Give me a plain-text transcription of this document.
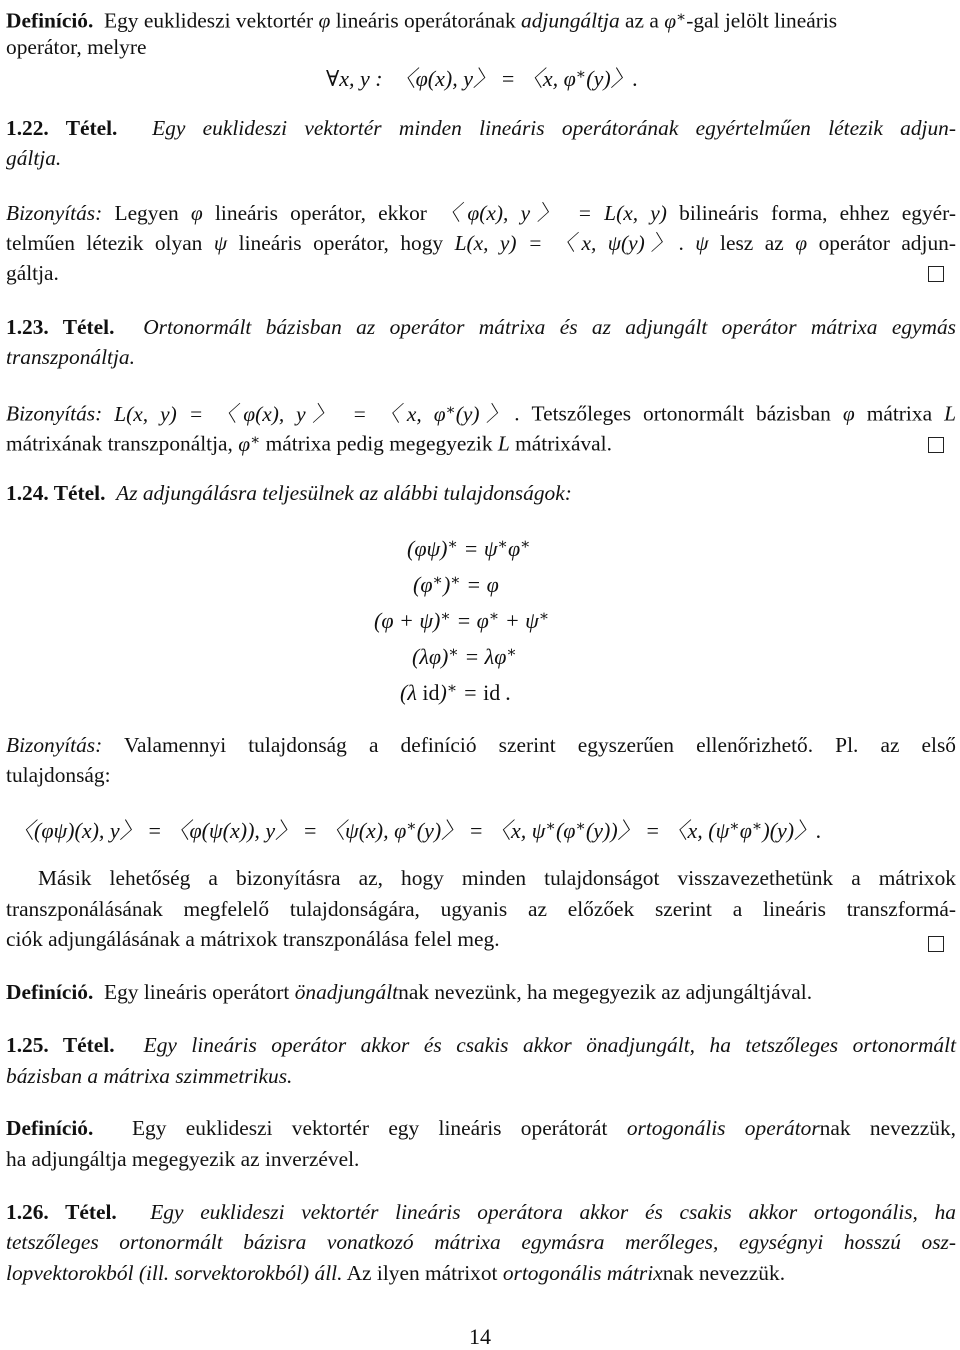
Definíció. Egy euklideszi vektortér φ lineáris operátorának adjungáltja az a φ∗-gal jelölt lineáris

operátor, melyre

∀x, y :  〈φ(x), y〉 = 〈x, φ∗(y)〉.

1.22. Tétel. Egy euklideszi vektortér minden lineáris operátorának egyértelműen létezik adjun-

gáltja.

Bizonyítás: Legyen φ lineáris operátor, ekkor 〈φ(x), y〉 = L(x, y) bilineáris forma, ehhez egyér-

telműen létezik olyan ψ lineáris operátor, hogy L(x, y) = 〈x, ψ(y)〉. ψ lesz az φ operátor adjun-

gáltja.

1.23. Tétel. Ortonormált bázisban az operátor mátrixa és az adjungált operátor mátrixa egymás

transzponáltja.

Bizonyítás: L(x, y) = 〈φ(x), y〉 = 〈x, φ∗(y)〉. Tetszőleges ortonormált bázisban φ mátrixa L

mátrixának transzponáltja, φ∗ mátrixa pedig megegyezik L mátrixával.

1.24. Tétel. Az adjungálásra teljesülnek az alábbi tulajdonságok:

(φψ)∗ = ψ∗φ∗
(φ∗)∗ = φ
(φ + ψ)∗ = φ∗ + ψ∗
(λφ)∗ = λφ∗
(λ id)∗ = id .

Bizonyítás: Valamennyi tulajdonság a definíció szerint egyszerűen ellenőrizhető. Pl. az első

tulajdonság:

〈(φψ)(x), y〉 = 〈φ(ψ(x)), y〉 = 〈ψ(x), φ∗(y)〉 = 〈x, ψ∗(φ∗(y))〉 = 〈x, (ψ∗φ∗)(y)〉.

Másik lehetőség a bizonyításra az, hogy minden tulajdonságot visszavezethetünk a mátrixok

transzponálásának megfelelő tulajdonságára, ugyanis az előzőek szerint a lineáris transzformá-

ciók adjungálásának a mátrixok transzponálása felel meg.

Definíció. Egy lineáris operátort önadjungáltnak nevezünk, ha megegyezik az adjungáltjával.

1.25. Tétel. Egy lineáris operátor akkor és csakis akkor önadjungált, ha tetszőleges ortonormált

bázisban a mátrixa szimmetrikus.

Definíció. Egy euklideszi vektortér egy lineáris operátorát ortogonális operátornak nevezzük,

ha adjungáltja megegyezik az inverzével.

1.26. Tétel. Egy euklideszi vektortér lineáris operátora akkor és csakis akkor ortogonális, ha

tetszőleges ortonormált bázisra vonatkozó mátrixa egymásra merőleges, egységnyi hosszú osz-

lopvektorokból (ill. sorvektorokból) áll. Az ilyen mátrixot ortogonális mátrixnak nevezzük.

14
